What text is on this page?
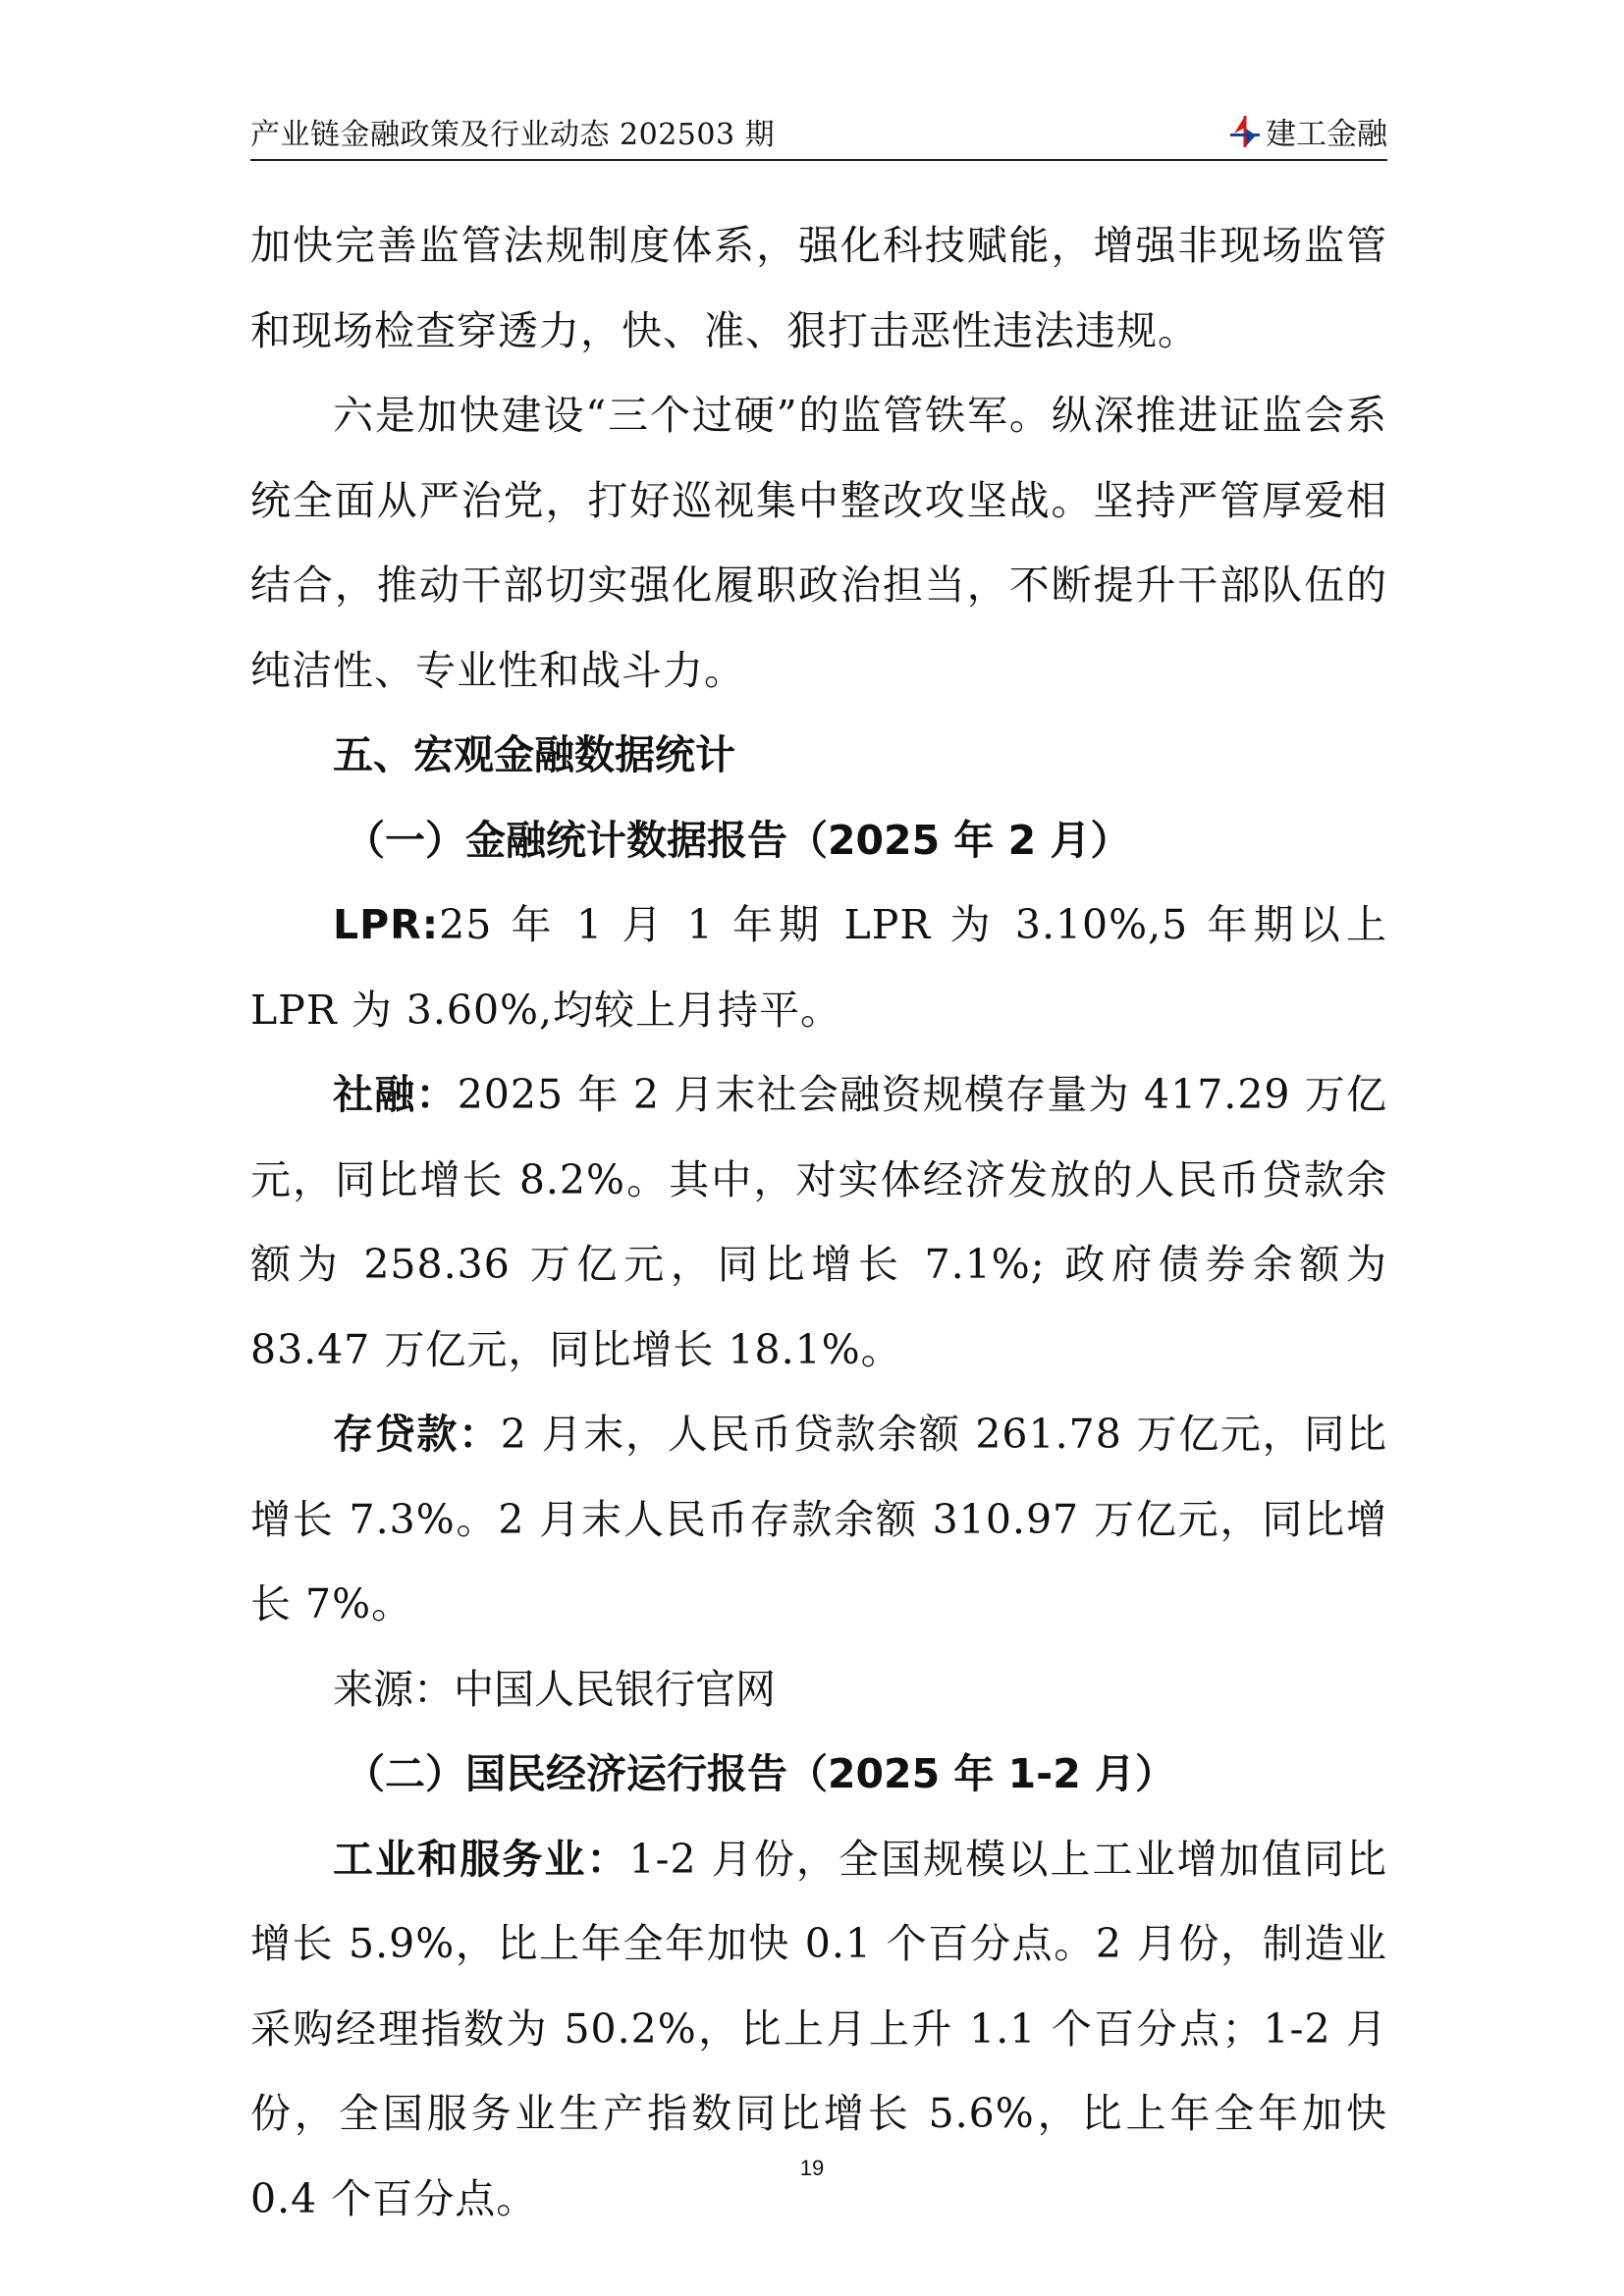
产业链金融政策及行业动态 202503 期	建工金融

加快完善监管法规制度体系，强化科技赋能，增强非现场监管和现场检查穿透力，快、准、狠打击恶性违法违规。

六是加快建设“三个过硬”的监管铁军。纵深推进证监会系统全面从严治党，打好巡视集中整改攻坚战。坚持严管厚爱相结合，推动干部切实强化履职政治担当，不断提升干部队伍的纯洁性、专业性和战斗力。

五、宏观金融数据统计
（一）金融统计数据报告（2025 年 2 月）

LPR:25 年 1 月 1 年期 LPR 为 3.10%,5 年期以上 LPR 为 3.60%,均较上月持平。

社融：2025 年 2 月末社会融资规模存量为 417.29 万亿元，同比增长 8.2%。其中，对实体经济发放的人民币贷款余额为 258.36 万亿元，同比增长 7.1%; 政府债券余额为 83.47 万亿元，同比增长 18.1%。

存贷款：2 月末，人民币贷款余额 261.78 万亿元，同比增长 7.3%。2 月末人民币存款余额 310.97 万亿元，同比增长 7%。

来源：中国人民银行官网

（二）国民经济运行报告（2025 年 1-2 月）

工业和服务业：1-2 月份，全国规模以上工业增加值同比增长 5.9%，比上年全年加快 0.1 个百分点。2 月份，制造业采购经理指数为 50.2%，比上月上升 1.1 个百分点；1-2 月份，全国服务业生产指数同比增长 5.6%，比上年全年加快 0.4 个百分点。

19
